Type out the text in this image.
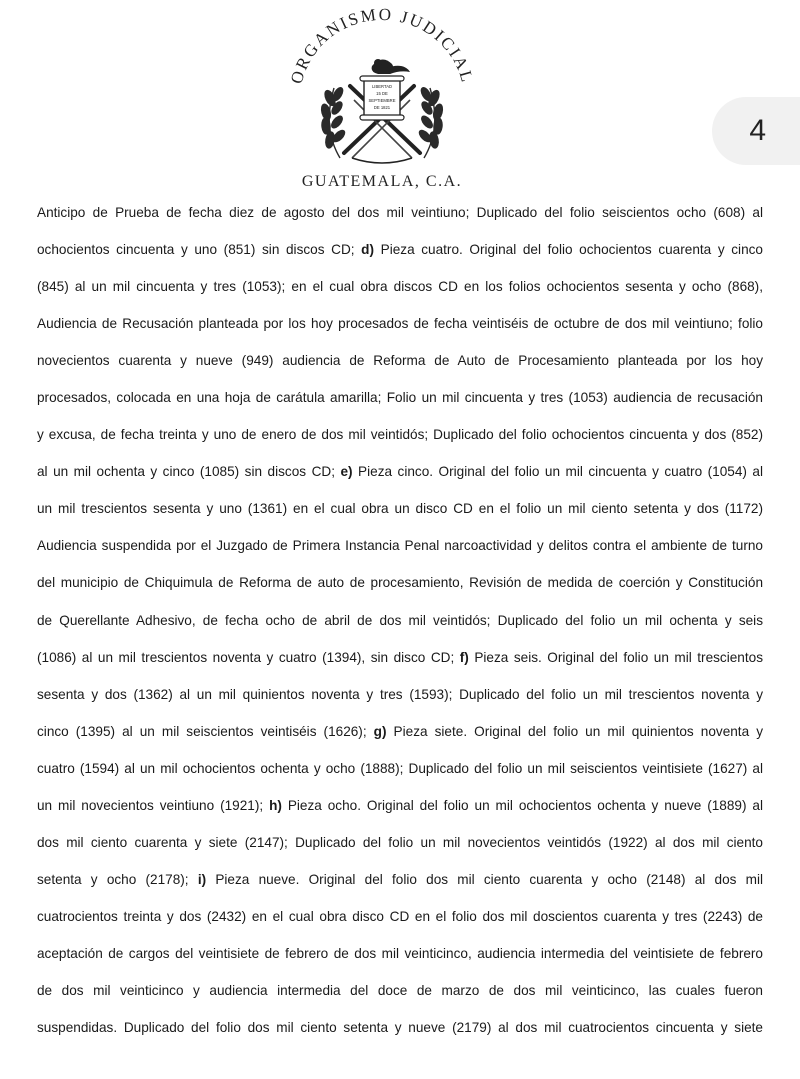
ORGANISMO JUDICIAL
LIBERTAD
15 DE
SEPTIEMBRE
DE 1821
GUATEMALA, C.A.
4
Anticipo de Prueba de fecha diez de agosto del dos mil veintiuno; Duplicado del folio seiscientos ocho (608) al
ochocientos cincuenta y uno (851) sin discos CD; d) Pieza cuatro. Original del folio ochocientos cuarenta y cinco
(845) al un mil cincuenta y tres (1053); en el cual obra discos CD en los folios ochocientos sesenta y ocho (868),
Audiencia de Recusación planteada por los hoy procesados de fecha veintiséis de octubre de dos mil veintiuno; folio
novecientos cuarenta y nueve (949) audiencia de Reforma de Auto de Procesamiento planteada por los hoy
procesados, colocada en una hoja de carátula amarilla; Folio un mil cincuenta y tres (1053) audiencia de recusación
y excusa, de fecha treinta y uno de enero de dos mil veintidós; Duplicado del folio ochocientos cincuenta y dos (852)
al un mil ochenta y cinco (1085) sin discos CD; e) Pieza cinco. Original del folio un mil cincuenta y cuatro (1054) al
un mil trescientos sesenta y uno (1361) en el cual obra un disco CD en el folio un mil ciento setenta y dos (1172)
Audiencia suspendida por el Juzgado de Primera Instancia Penal narcoactividad y delitos contra el ambiente de turno
del municipio de Chiquimula de Reforma de auto de procesamiento, Revisión de medida de coerción y Constitución
de Querellante Adhesivo, de fecha ocho de abril de dos mil veintidós; Duplicado del folio un mil ochenta y seis
(1086) al un mil trescientos noventa y cuatro (1394), sin disco CD; f) Pieza seis. Original del folio un mil trescientos
sesenta y dos (1362) al un mil quinientos noventa y tres (1593); Duplicado del folio un mil trescientos noventa y
cinco (1395) al un mil seiscientos veintiséis (1626); g) Pieza siete. Original del folio un mil quinientos noventa y
cuatro (1594) al un mil ochocientos ochenta y ocho (1888); Duplicado del folio un mil seiscientos veintisiete (1627) al
un mil novecientos veintiuno (1921); h) Pieza ocho. Original del folio un mil ochocientos ochenta y nueve (1889) al
dos mil ciento cuarenta y siete (2147); Duplicado del folio un mil novecientos veintidós (1922) al dos mil ciento
setenta y ocho (2178); i) Pieza nueve. Original del folio dos mil ciento cuarenta y ocho (2148) al dos mil
cuatrocientos treinta y dos (2432) en el cual obra disco CD en el folio dos mil doscientos cuarenta y tres (2243) de
aceptación de cargos del veintisiete de febrero de dos mil veinticinco, audiencia intermedia del veintisiete de febrero
de dos mil veinticinco y audiencia intermedia del doce de marzo de dos mil veinticinco, las cuales fueron
suspendidas. Duplicado del folio dos mil ciento setenta y nueve (2179) al dos mil cuatrocientos cincuenta y siete
